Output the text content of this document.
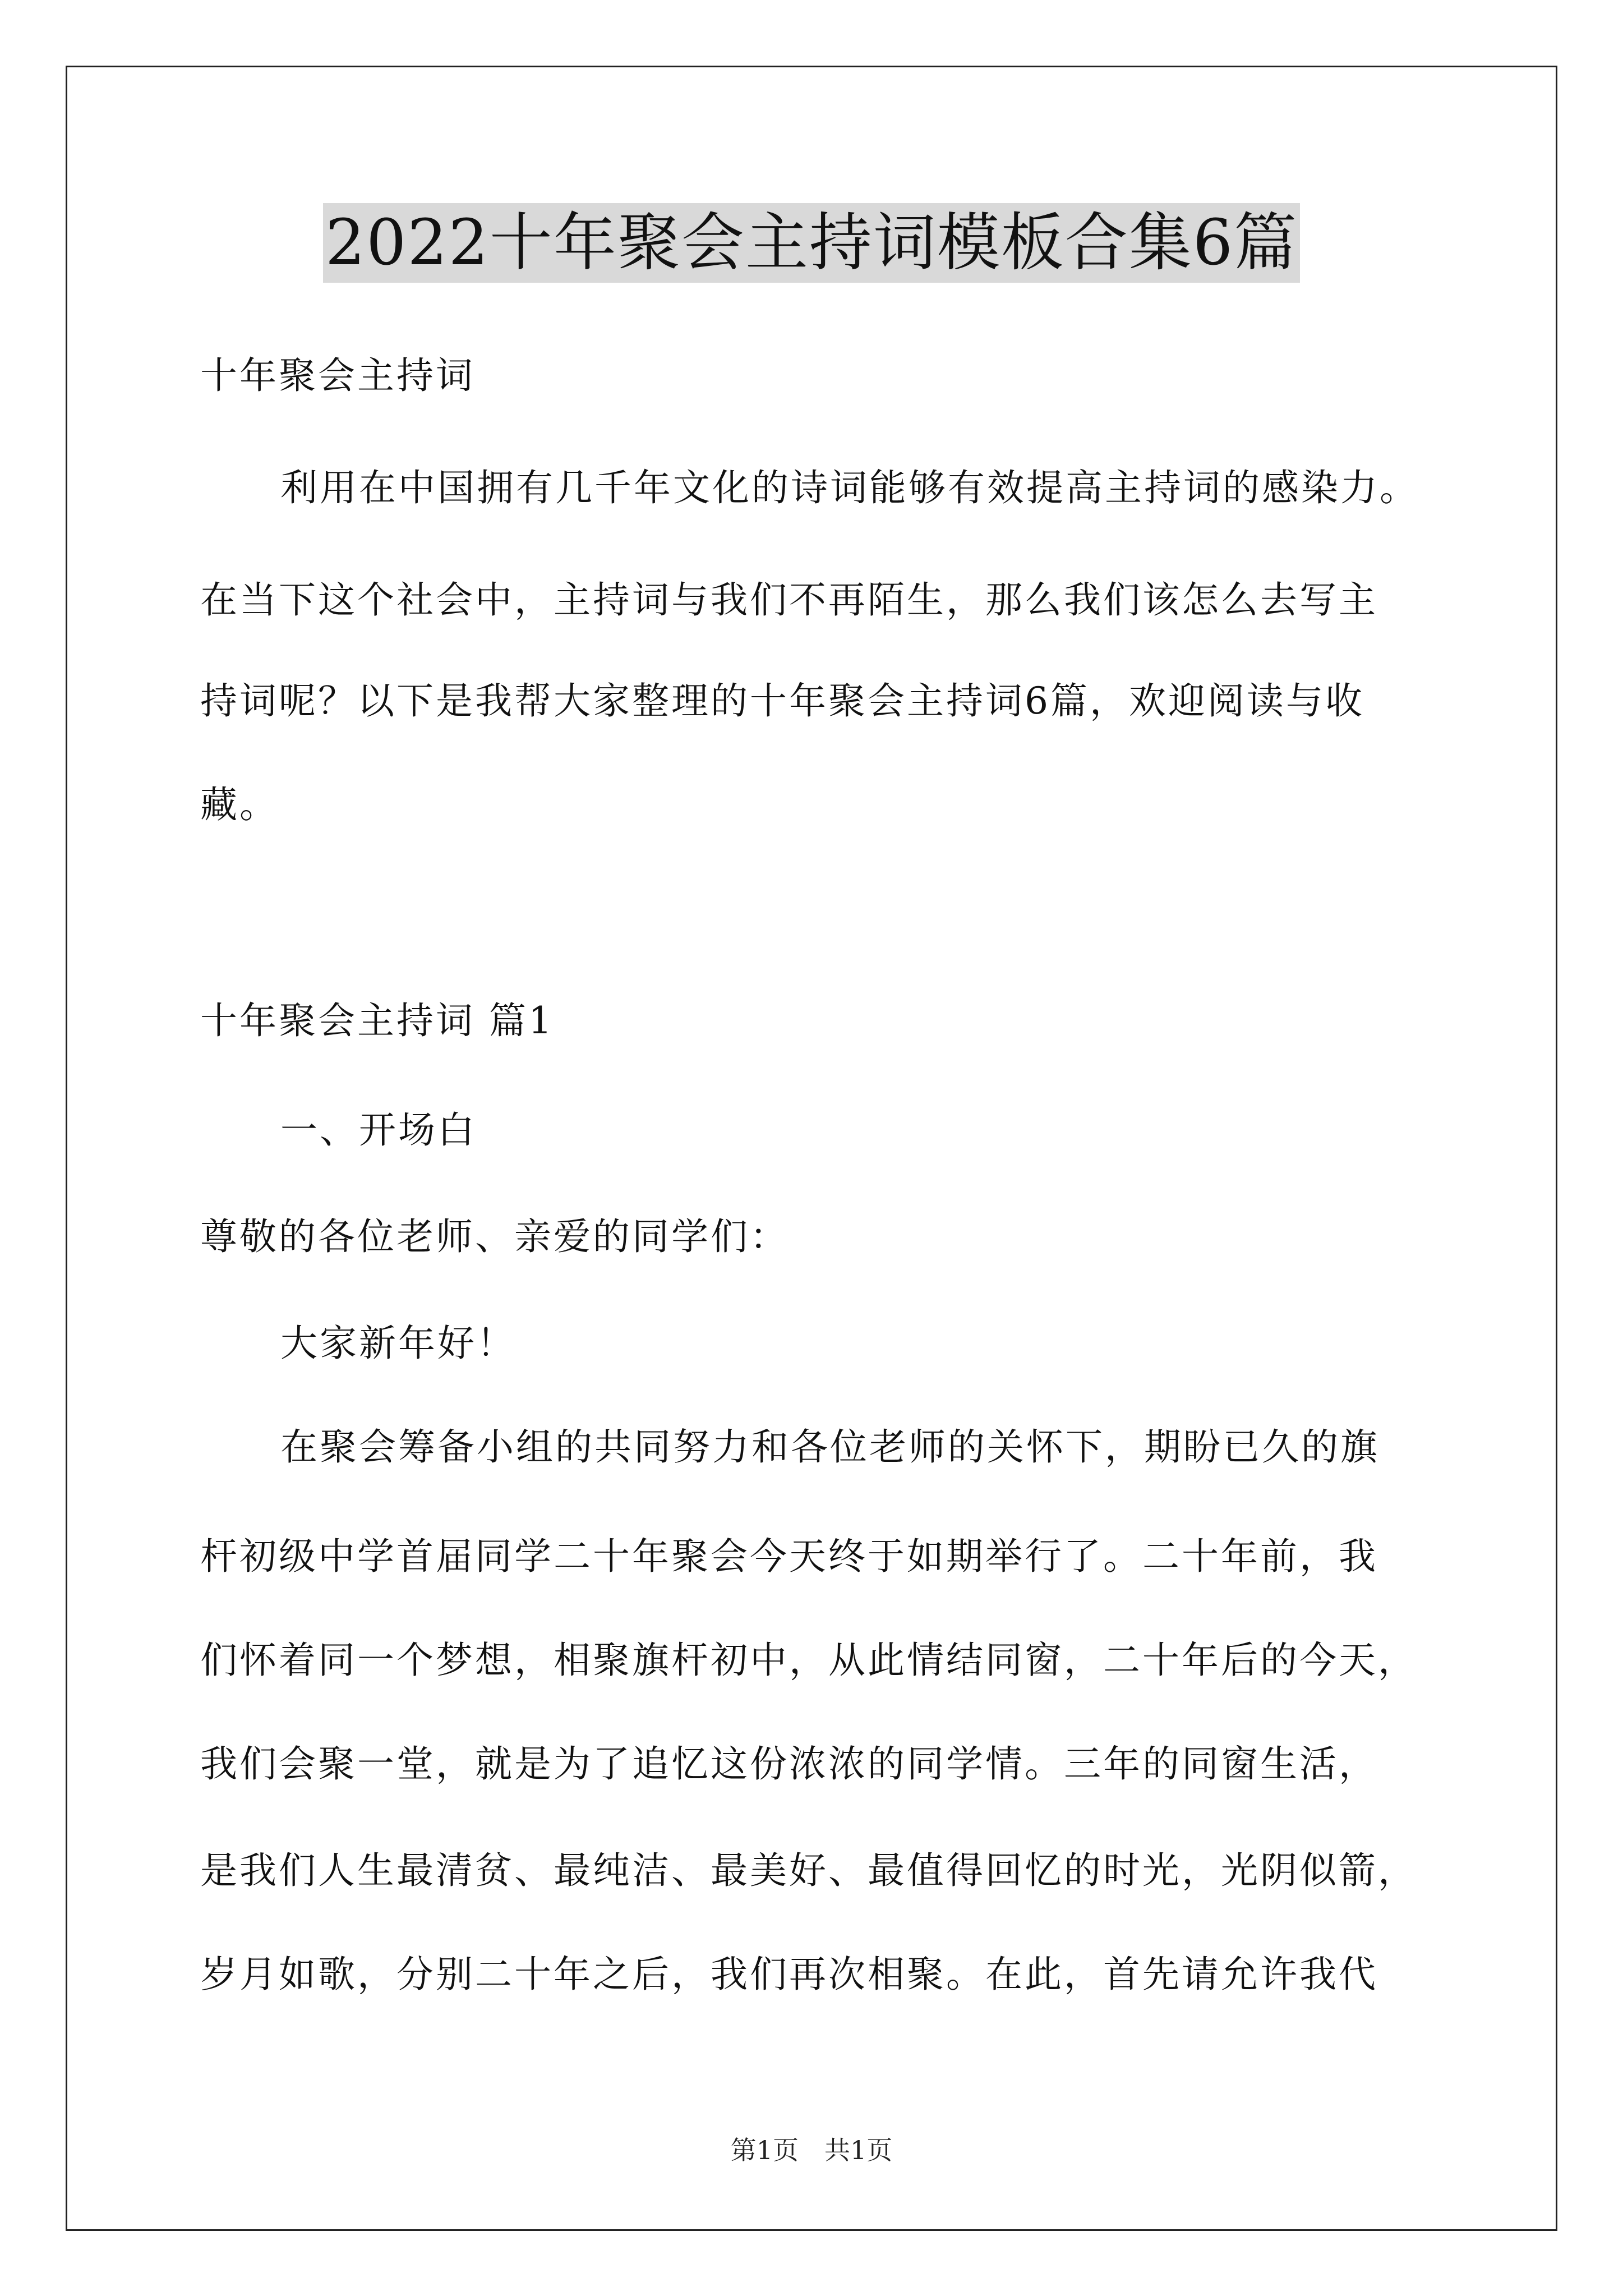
2022十年聚会主持词模板合集6篇
十年聚会主持词
利用在中国拥有几千年文化的诗词能够有效提高主持词的感染力。
在当下这个社会中，主持词与我们不再陌生，那么我们该怎么去写主
持词呢？以下是我帮大家整理的十年聚会主持词6篇，欢迎阅读与收
藏。
十年聚会主持词 篇1
一、开场白
尊敬的各位老师、亲爱的同学们：
大家新年好！
在聚会筹备小组的共同努力和各位老师的关怀下，期盼已久的旗
杆初级中学首届同学二十年聚会今天终于如期举行了。二十年前，我
们怀着同一个梦想，相聚旗杆初中，从此情结同窗，二十年后的今天，
我们会聚一堂，就是为了追忆这份浓浓的同学情。三年的同窗生活，
是我们人生最清贫、最纯洁、最美好、最值得回忆的时光，光阴似箭，
岁月如歌，分别二十年之后，我们再次相聚。在此，首先请允许我代
第1页　共1页
